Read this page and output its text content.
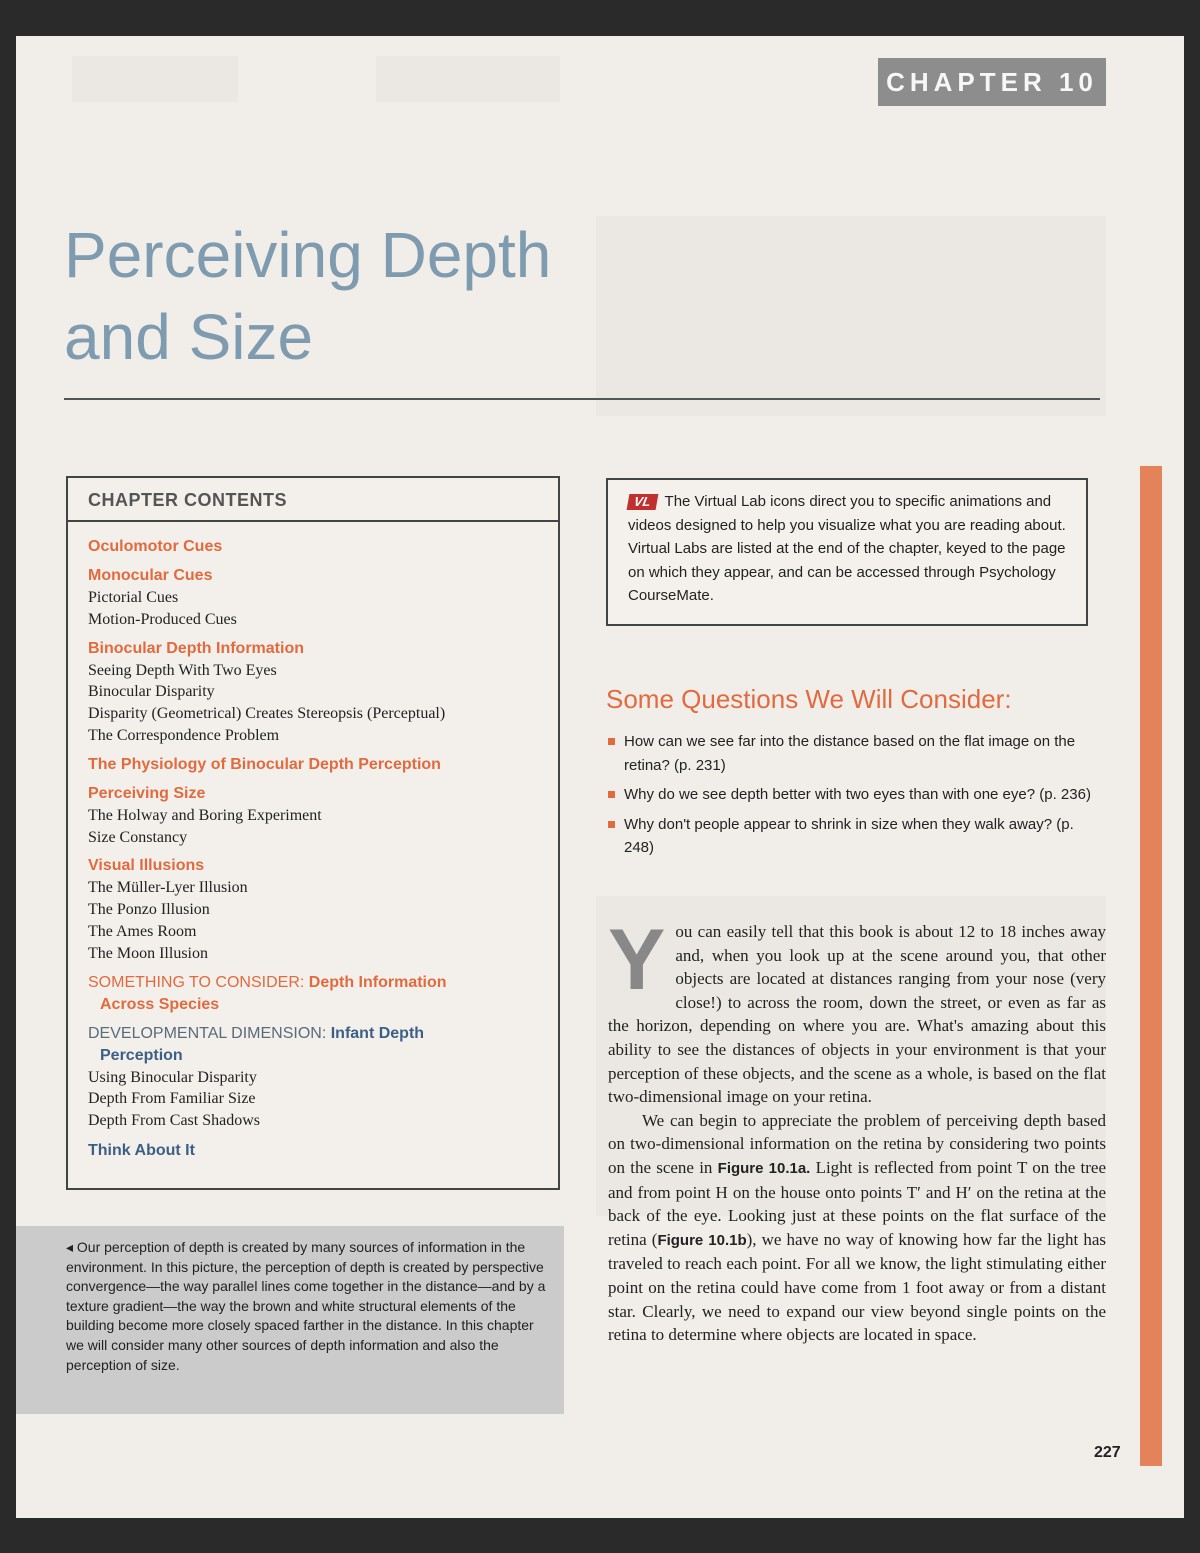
CHAPTER 10
Perceiving Depth
and Size
CHAPTER CONTENTS
Oculomotor Cues
Monocular Cues
Pictorial Cues
Motion-Produced Cues
Binocular Depth Information
Seeing Depth With Two Eyes
Binocular Disparity
Disparity (Geometrical) Creates Stereopsis (Perceptual)
The Correspondence Problem
The Physiology of Binocular Depth Perception
Perceiving Size
The Holway and Boring Experiment
Size Constancy
Visual Illusions
The Müller-Lyer Illusion
The Ponzo Illusion
The Ames Room
The Moon Illusion
SOMETHING TO CONSIDER: Depth Information
Across Species
DEVELOPMENTAL DIMENSION: Infant Depth
Perception
Using Binocular Disparity
Depth From Familiar Size
Depth From Cast Shadows
Think About It

◂ Our perception of depth is created by many sources of information in the environment. In this picture, the perception of depth is created by perspective convergence—the way parallel lines come together in the distance—and by a texture gradient—the way the brown and white structural elements of the building become more closely spaced farther in the distance. In this chapter we will consider many other sources of depth information and also the perception of size.

VL The Virtual Lab icons direct you to specific animations and videos designed to help you visualize what you are reading about. Virtual Labs are listed at the end of the chapter, keyed to the page on which they appear, and can be accessed through Psychology CourseMate.
Some Questions We Will Consider:
How can we see far into the distance based on the flat image on the retina? (p. 231)
Why do we see depth better with two eyes than with one eye? (p. 236)
Why don't people appear to shrink in size when they walk away? (p. 248)

You can easily tell that this book is about 12 to 18 inches away and, when you look up at the scene around you, that other objects are located at distances ranging from your nose (very close!) to across the room, down the street, or even as far as the horizon, depending on where you are. What's amazing about this ability to see the distances of objects in your environment is that your perception of these objects, and the scene as a whole, is based on the flat two-dimensional image on your retina.

We can begin to appreciate the problem of perceiving depth based on two-dimensional information on the retina by considering two points on the scene in Figure 10.1a. Light is reflected from point T on the tree and from point H on the house onto points T′ and H′ on the retina at the back of the eye. Looking just at these points on the flat surface of the retina (Figure 10.1b), we have no way of knowing how far the light has traveled to reach each point. For all we know, the light stimulating either point on the retina could have come from 1 foot away or from a distant star. Clearly, we need to expand our view beyond single points on the retina to determine where objects are located in space.

227
